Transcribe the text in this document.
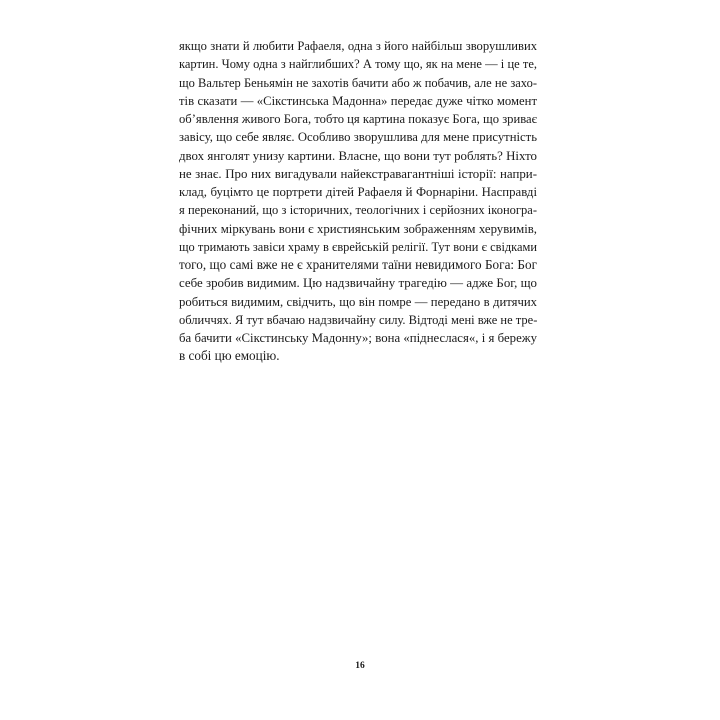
якщо знати й любити Рафаеля, одна з його найбільш зворушливих
картин. Чому одна з найглибших? А тому що, як на мене — і це те,
що Вальтер Беньямін не захотів бачити або ж побачив, але не захо-
тів сказати — «Сікстинська Мадонна» передає дуже чітко момент
об’явлення живого Бога, тобто ця картина показує Бога, що зриває
завісу, що себе являє. Особливо зворушлива для мене присутність
двох янголят унизу картини. Власне, що вони тут роблять? Ніхто
не знає. Про них вигадували найекстравагантніші історії: напри-
клад, буцімто це портрети дітей Рафаеля й Форнаріни. Насправді
я переконаний, що з історичних, теологічних і серйозних іконогра-
фічних міркувань вони є християнським зображенням херувимів,
що тримають завіси храму в єврейській релігії. Тут вони є свідками
того, що самі вже не є хранителями таїни невидимого Бога: Бог
себе зробив видимим. Цю надзвичайну трагедію — адже Бог, що
робиться видимим, свідчить, що він помре — передано в дитячих
обличчях. Я тут вбачаю надзвичайну силу. Відтоді мені вже не тре-
ба бачити «Сікстинську Мадонну»; вона «піднеслася«, і я бережу
в собі цю емоцію.
16
